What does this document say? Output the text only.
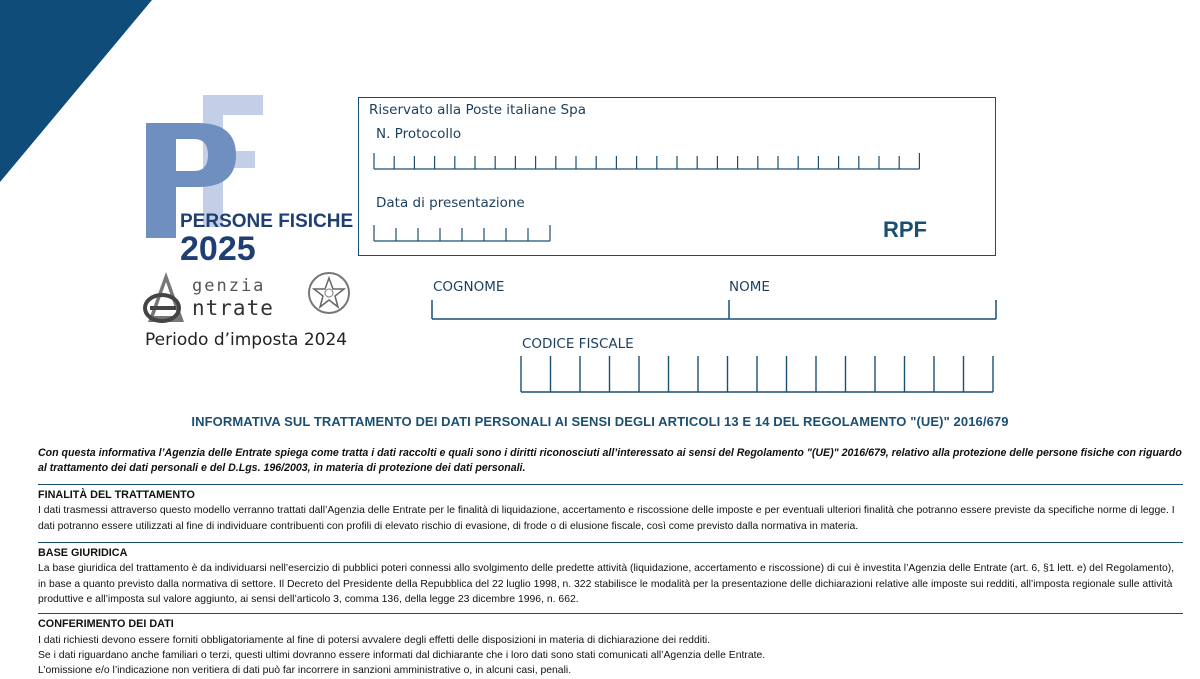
PERSONE FISICHE
2025
genzia
ntrate
Periodo d’imposta 2024
Riservato alla Poste italiane Spa
N. Protocollo
Data di presentazione
RPF
COGNOME	NOME
CODICE FISCALE
INFORMATIVA SUL TRATTAMENTO DEI DATI PERSONALI AI SENSI DEGLI ARTICOLI 13 E 14 DEL REGOLAMENTO "(UE)" 2016/679
Con questa informativa l’Agenzia delle Entrate spiega come tratta i dati raccolti e quali sono i diritti riconosciuti all’interessato ai sensi del Regolamento "(UE)" 2016/679, relativo alla protezione delle persone fisiche con riguardo al trattamento dei dati personali e del D.Lgs. 196/2003, in materia di protezione dei dati personali.
FINALITÀ DEL TRATTAMENTO
I dati trasmessi attraverso questo modello verranno trattati dall’Agenzia delle Entrate per le finalità di liquidazione, accertamento e riscossione delle imposte e per eventuali ulteriori finalità che potranno essere previste da specifiche norme di legge. I dati potranno essere utilizzati al fine di individuare contribuenti con profili di elevato rischio di evasione, di frode o di elusione fiscale, così come previsto dalla normativa in materia.
BASE GIURIDICA
La base giuridica del trattamento è da individuarsi nell’esercizio di pubblici poteri connessi allo svolgimento delle predette attività (liquidazione, accertamento e riscossione) di cui è investita l’Agenzia delle Entrate (art. 6, §1 lett. e) del Regolamento), in base a quanto previsto dalla normativa di settore. Il Decreto del Presidente della Repubblica del 22 luglio 1998, n. 322 stabilisce le modalità per la presentazione delle dichiarazioni relative alle imposte sui redditi, all’imposta regionale sulle attività produttive e all’imposta sul valore aggiunto, ai sensi dell’articolo 3, comma 136, della legge 23 dicembre 1996, n. 662.
CONFERIMENTO DEI DATI
I dati richiesti devono essere forniti obbligatoriamente al fine di potersi avvalere degli effetti delle disposizioni in materia di dichiarazione dei redditi.
Se i dati riguardano anche familiari o terzi, questi ultimi dovranno essere informati dal dichiarante che i loro dati sono stati comunicati all’Agenzia delle Entrate.
L’omissione e/o l’indicazione non veritiera di dati può far incorrere in sanzioni amministrative o, in alcuni casi, penali.
